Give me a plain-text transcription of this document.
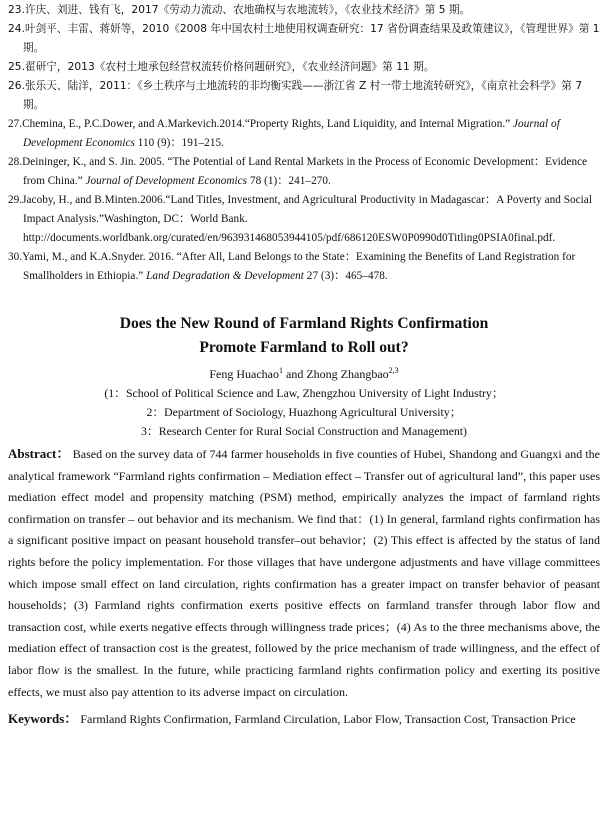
23.许庆、刘进、钱有飞，2017《劳动力流动、农地确权与农地流转》，《农业技术经济》第 5 期。

24.叶剑平、丰雷、蒋妍等，2010《2008 年中国农村土地使用权调查研究：17 省份调查结果及政策建议》，《管理世界》第 1 期。

25.翟研宁，2013《农村土地承包经营权流转价格问题研究》，《农业经济问题》第 11 期。

26.张乐天、陆洋，2011：《乡土秩序与土地流转的非均衡实践——浙江省 Z 村一带土地流转研究》，《南京社会科学》第 7 期。

27.Chemina, E., P.C.Dower, and A.Markevich.2014.“Property Rights, Land Liquidity, and Internal Migration.” Journal of Development Economics 110 (9)：191–215.

28.Deininger, K., and S. Jin. 2005. “The Potential of Land Rental Markets in the Process of Economic Development：Evidence from China.” Journal of Development Economics 78 (1)：241–270.

29.Jacoby, H., and B.Minten.2006.“Land Titles, Investment, and Agricultural Productivity in Madagascar：A Poverty and Social Impact Analysis.”Washington, DC：World Bank. http://documents.worldbank.org/curated/en/963931468053944105/pdf/686120ESW0P0990d0Titling0PSIA0final.pdf.

30.Yami, M., and K.A.Snyder. 2016. “After All, Land Belongs to the State：Examining the Benefits of Land Registration for Smallholders in Ethiopia.” Land Degradation & Development 27 (3)：465–478.

Does the New Round of Farmland Rights Confirmation
Promote Farmland to Roll out?
Feng Huachao$^1$ and Zhong Zhangbao$^{2,3}$
(1：School of Political Science and Law, Zhengzhou University of Light Industry；
2：Department of Sociology, Huazhong Agricultural University；
3：Research Center for Rural Social Construction and Management)

Abstract： Based on the survey data of 744 farmer households in five counties of Hubei, Shandong and Guangxi and the analytical framework “Farmland rights confirmation – Mediation effect – Transfer out of agricultural land”, this paper uses mediation effect model and propensity matching (PSM) method, empirically analyzes the impact of farmland rights confirmation on transfer – out behavior and its mechanism. We find that：(1) In general, farmland rights confirmation has a significant positive impact on peasant household transfer–out behavior；(2) This effect is affected by the status of land rights before the policy implementation. For those villages that have undergone adjustments and have village committees which impose small effect on land circulation, rights confirmation has a greater impact on transfer behavior of peasant households；(3) Farmland rights confirmation exerts positive effects on farmland transfer through labor flow and transaction cost, while exerts negative effects through willingness trade prices；(4) As to the three mechanisms above, the mediation effect of transaction cost is the greatest, followed by the price mechanism of trade willingness, and the effect of labor flow is the smallest. In the future, while practicing farmland rights confirmation policy and exerting its positive effects, we must also pay attention to its adverse impact on circulation.

Keywords： Farmland Rights Confirmation, Farmland Circulation, Labor Flow, Transaction Cost, Transaction Price
